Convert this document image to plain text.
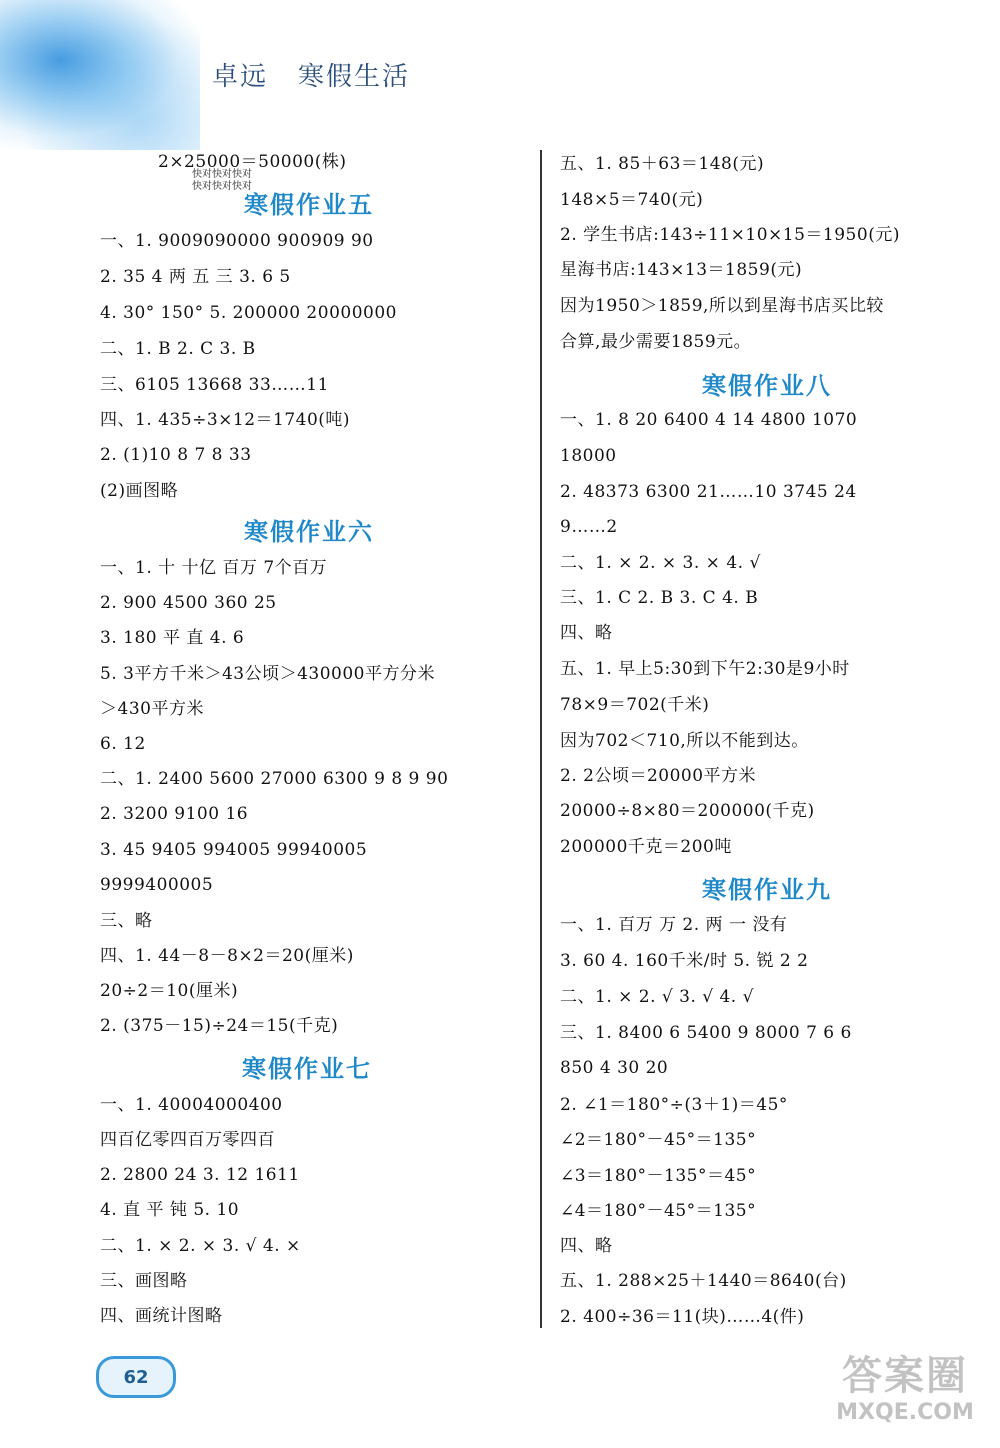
卓远 寒假生活
2×25000＝50000(株)
快对快对快对
快对快对快对
寒假作业五
一、1. 9009090000 900909 90
2. 35 4 两 五 三 3. 6 5
4. 30° 150° 5. 200000 20000000
二、1. B 2. C 3. B
三、6105 13668 33……11
四、1. 435÷3×12＝1740(吨)
2. (1)10 8 7 8 33
(2)画图略
寒假作业六
一、1. 十 十亿 百万 7个百万
2. 900 4500 360 25
3. 180 平 直 4. 6
5. 3平方千米＞43公顷＞430000平方分米
＞430平方米
6. 12
二、1. 2400 5600 27000 6300 9 8 9 90
2. 3200 9100 16
3. 45 9405 994005 99940005
9999400005
三、略
四、1. 44－8－8×2＝20(厘米)
20÷2＝10(厘米)
2. (375－15)÷24＝15(千克)
寒假作业七
一、1. 40004000400
四百亿零四百万零四百
2. 2800 24 3. 12 1611
4. 直 平 钝 5. 10
二、1. × 2. × 3. √ 4. ×
三、画图略
四、画统计图略
五、1. 85＋63＝148(元)
148×5＝740(元)
2. 学生书店:143÷11×10×15＝1950(元)
星海书店:143×13＝1859(元)
因为1950＞1859,所以到星海书店买比较
合算,最少需要1859元。
寒假作业八
一、1. 8 20 6400 4 14 4800 1070
18000
2. 48373 6300 21……10 3745 24
9……2
二、1. × 2. × 3. × 4. √
三、1. C 2. B 3. C 4. B
四、略
五、1. 早上5:30到下午2:30是9小时
78×9＝702(千米)
因为702＜710,所以不能到达。
2. 2公顷＝20000平方米
20000÷8×80＝200000(千克)
200000千克＝200吨
寒假作业九
一、1. 百万 万 2. 两 一 没有
3. 60 4. 160千米/时 5. 锐 2 2
二、1. × 2. √ 3. √ 4. √
三、1. 8400 6 5400 9 8000 7 6 6
850 4 30 20
2. ∠1＝180°÷(3＋1)＝45°
∠2＝180°－45°＝135°
∠3＝180°－135°＝45°
∠4＝180°－45°＝135°
四、略
五、1. 288×25＋1440＝8640(台)
2. 400÷36＝11(块)……4(件)
62	答案圈
MXQE.COM
